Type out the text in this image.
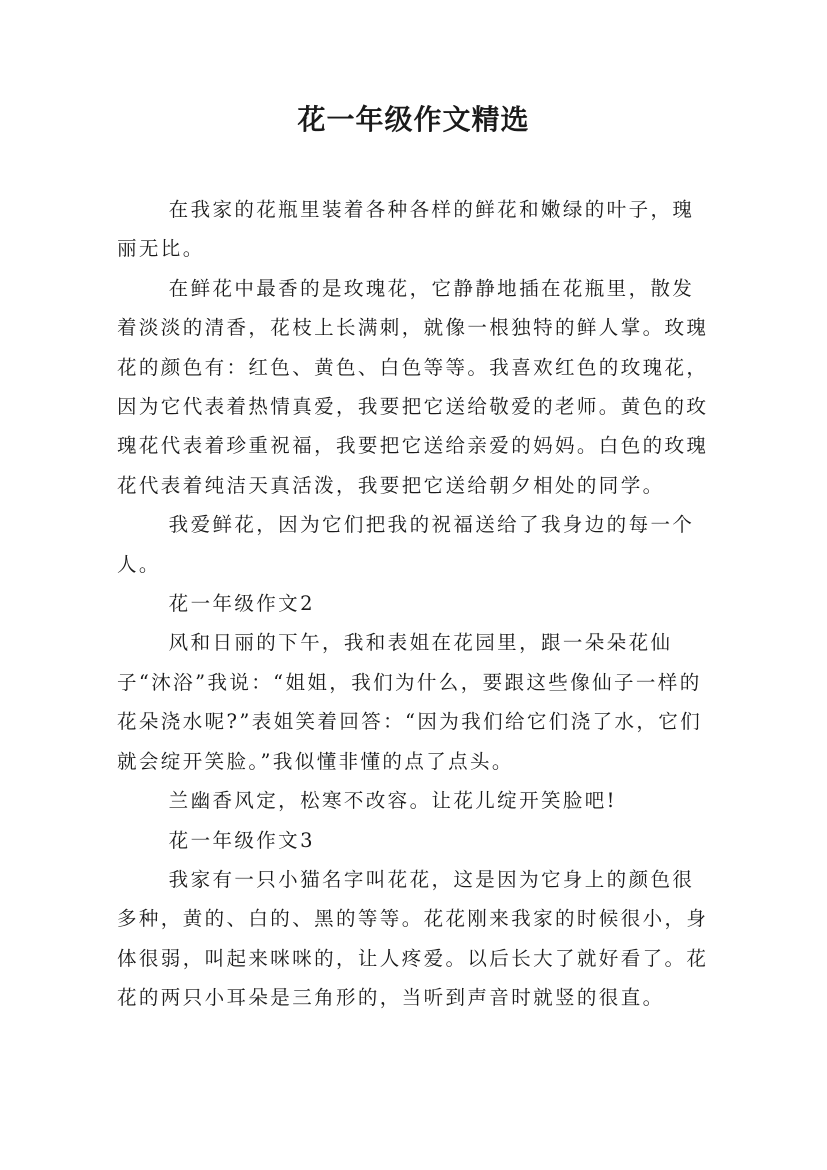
花一年级作文精选

在我家的花瓶里装着各种各样的鲜花和嫩绿的叶子，瑰丽无比。

在鲜花中最香的是玫瑰花，它静静地插在花瓶里，散发着淡淡的清香，花枝上长满刺，就像一根独特的鲜人掌。玫瑰花的颜色有：红色、黄色、白色等等。我喜欢红色的玫瑰花，因为它代表着热情真爱，我要把它送给敬爱的老师。黄色的玫瑰花代表着珍重祝福，我要把它送给亲爱的妈妈。白色的玫瑰花代表着纯洁天真活泼，我要把它送给朝夕相处的同学。

我爱鲜花，因为它们把我的祝福送给了我身边的每一个人。

花一年级作文2

风和日丽的下午，我和表姐在花园里，跟一朵朵花仙子“沐浴”我说：“姐姐，我们为什么，要跟这些像仙子一样的花朵浇水呢?”表姐笑着回答：“因为我们给它们浇了水，它们就会绽开笑脸。”我似懂非懂的点了点头。

兰幽香风定，松寒不改容。让花儿绽开笑脸吧!

花一年级作文3

我家有一只小猫名字叫花花，这是因为它身上的颜色很多种，黄的、白的、黑的等等。花花刚来我家的时候很小，身体很弱，叫起来咪咪的，让人疼爱。以后长大了就好看了。花花的两只小耳朵是三角形的，当听到声音时就竖的很直。
